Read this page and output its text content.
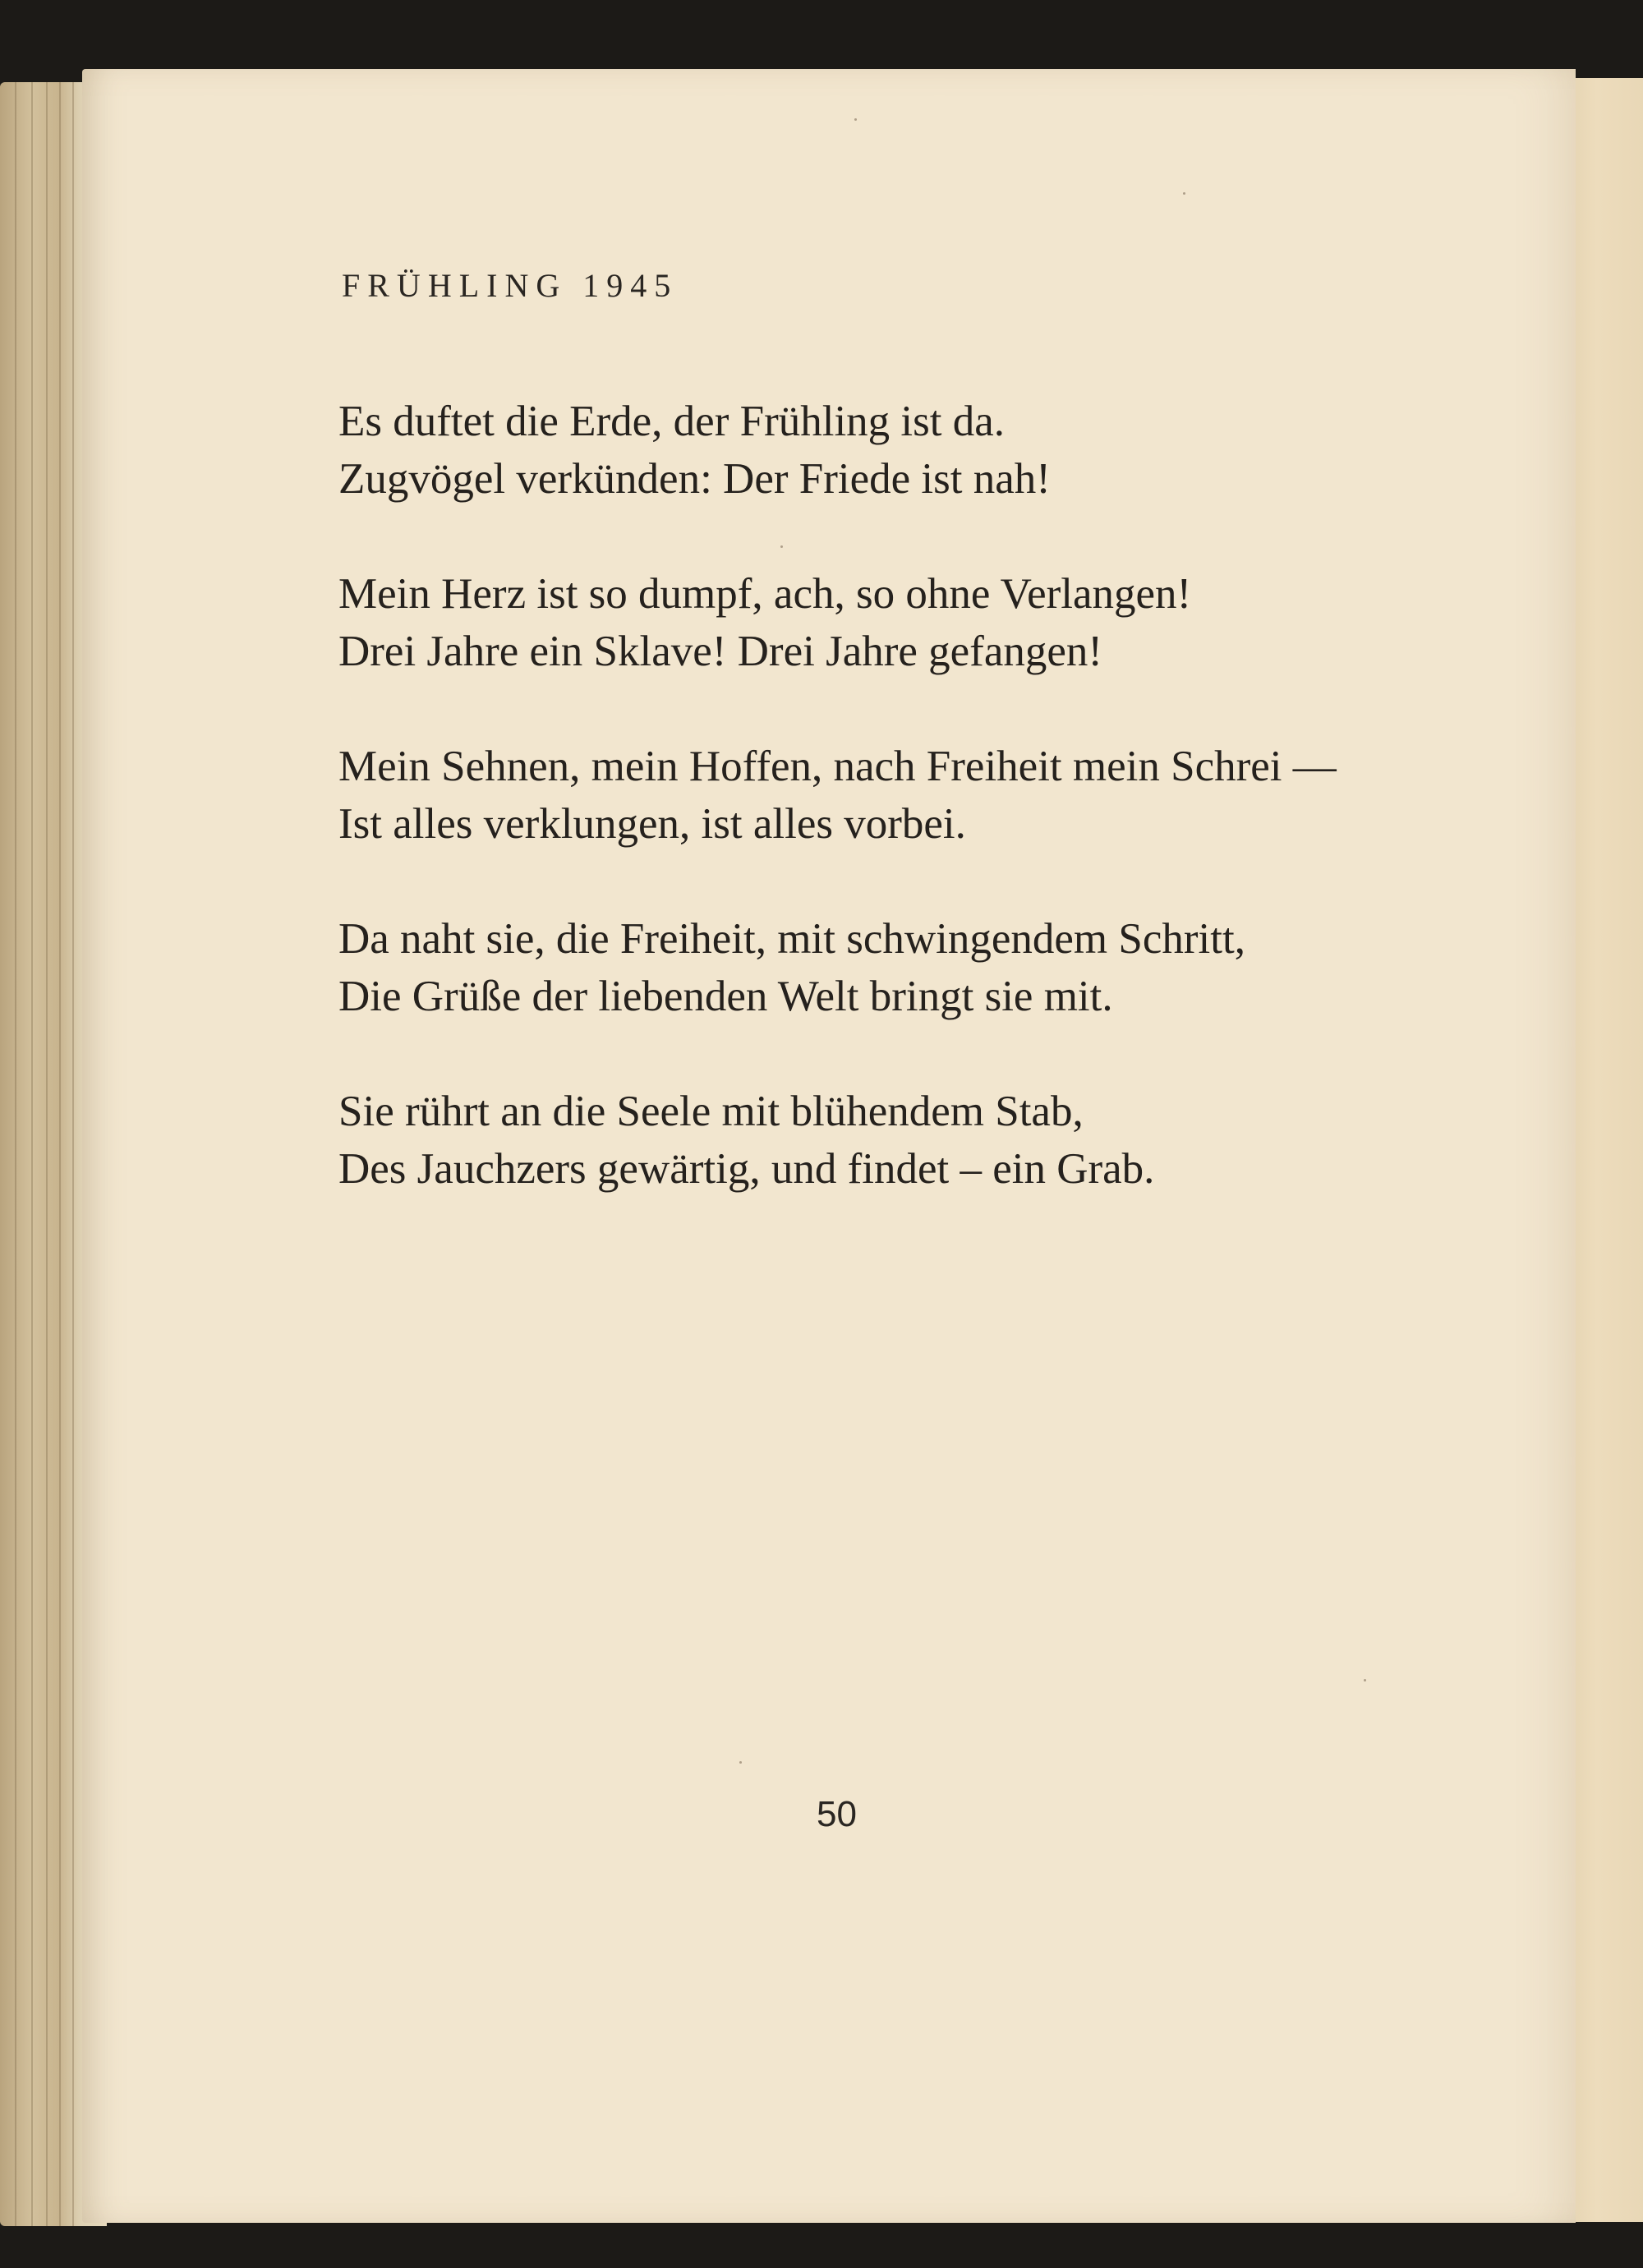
FRÜHLING 1945
Es duftet die Erde, der Frühling ist da.
Zugvögel verkünden: Der Friede ist nah!
Mein Herz ist so dumpf, ach, so ohne Verlangen!
Drei Jahre ein Sklave! Drei Jahre gefangen!
Mein Sehnen, mein Hoffen, nach Freiheit mein Schrei —
Ist alles verklungen, ist alles vorbei.
Da naht sie, die Freiheit, mit schwingendem Schritt,
Die Grüße der liebenden Welt bringt sie mit.
Sie rührt an die Seele mit blühendem Stab,
Des Jauchzers gewärtig, und findet – ein Grab.
50
